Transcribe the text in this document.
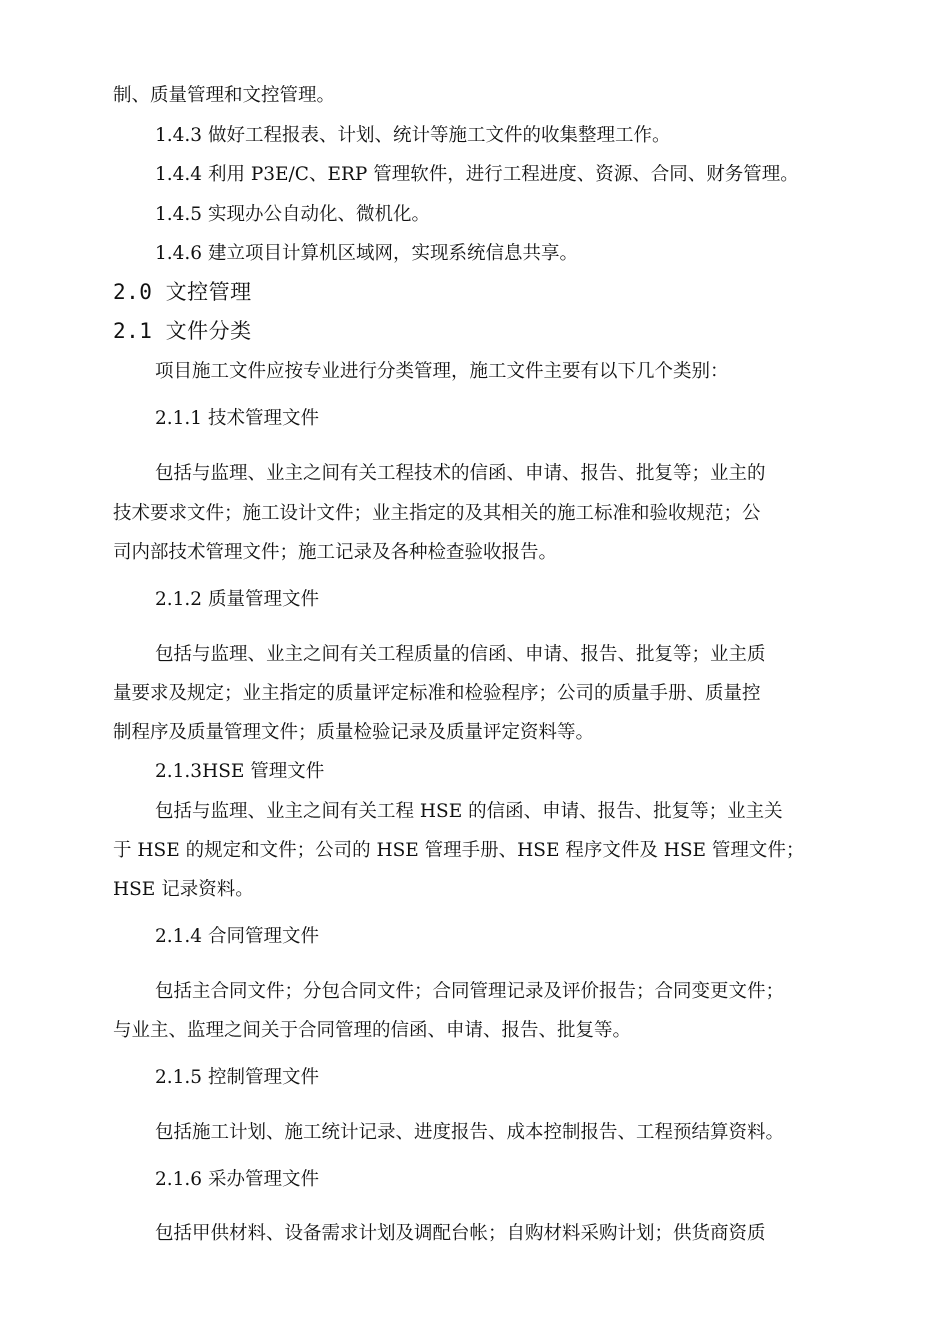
制、质量管理和文控管理。
1.4.3 做好工程报表、计划、统计等施工文件的收集整理工作。
1.4.4 利用 P3E/C、ERP 管理软件，进行工程进度、资源、合同、财务管理。
1.4.5 实现办公自动化、微机化。
1.4.6 建立项目计算机区域网，实现系统信息共享。
2.0 文控管理
2.1 文件分类
项目施工文件应按专业进行分类管理，施工文件主要有以下几个类别：
2.1.1 技术管理文件
包括与监理、业主之间有关工程技术的信函、申请、报告、批复等；业主的
技术要求文件；施工设计文件；业主指定的及其相关的施工标准和验收规范；公
司内部技术管理文件；施工记录及各种检查验收报告。
2.1.2 质量管理文件
包括与监理、业主之间有关工程质量的信函、申请、报告、批复等；业主质
量要求及规定；业主指定的质量评定标准和检验程序；公司的质量手册、质量控
制程序及质量管理文件；质量检验记录及质量评定资料等。
2.1.3HSE 管理文件
包括与监理、业主之间有关工程 HSE 的信函、申请、报告、批复等；业主关
于 HSE 的规定和文件；公司的 HSE 管理手册、HSE 程序文件及 HSE 管理文件；
HSE 记录资料。
2.1.4 合同管理文件
包括主合同文件；分包合同文件；合同管理记录及评价报告；合同变更文件；
与业主、监理之间关于合同管理的信函、申请、报告、批复等。
2.1.5 控制管理文件
包括施工计划、施工统计记录、进度报告、成本控制报告、工程预结算资料。
2.1.6 采办管理文件
包括甲供材料、设备需求计划及调配台帐；自购材料采购计划；供货商资质
